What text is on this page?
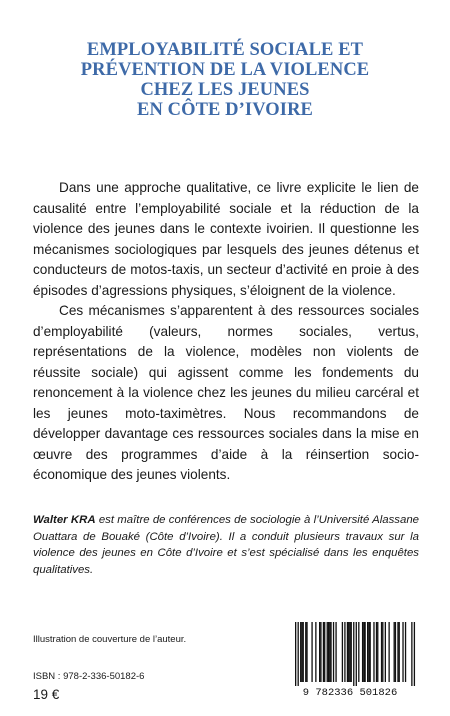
EMPLOYABILITÉ SOCIALE ET
PRÉVENTION DE LA VIOLENCE
CHEZ LES JEUNES
EN CÔTE D’IVOIRE

Dans une approche qualitative, ce livre explicite le lien de causalité entre l’employabilité sociale et la réduction de la violence des jeunes dans le contexte ivoirien. Il questionne les mécanismes sociologiques par lesquels des jeunes détenus et conducteurs de motos-taxis, un secteur d’activité en proie à des épisodes d’agressions physiques, s’éloignent de la violence.

Ces mécanismes s’apparentent à des ressources sociales d’employabilité (valeurs, normes sociales, vertus, représentations de la violence, modèles non violents de réussite sociale) qui agissent comme les fondements du renoncement à la violence chez les jeunes du milieu carcéral et les jeunes moto-taximètres. Nous recommandons de développer davantage ces ressources sociales dans la mise en œuvre des programmes d’aide à la réinsertion socio-économique des jeunes violents.

Walter KRA est maître de conférences de sociologie à l’Université Alassane Ouattara de Bouaké (Côte d’Ivoire). Il a conduit plusieurs travaux sur la violence des jeunes en Côte d’Ivoire et s’est spécialisé dans les enquêtes qualitatives.

Illustration de couverture de l’auteur.
ISBN : 978-2-336-50182-6
19 €	9 782336 501826
